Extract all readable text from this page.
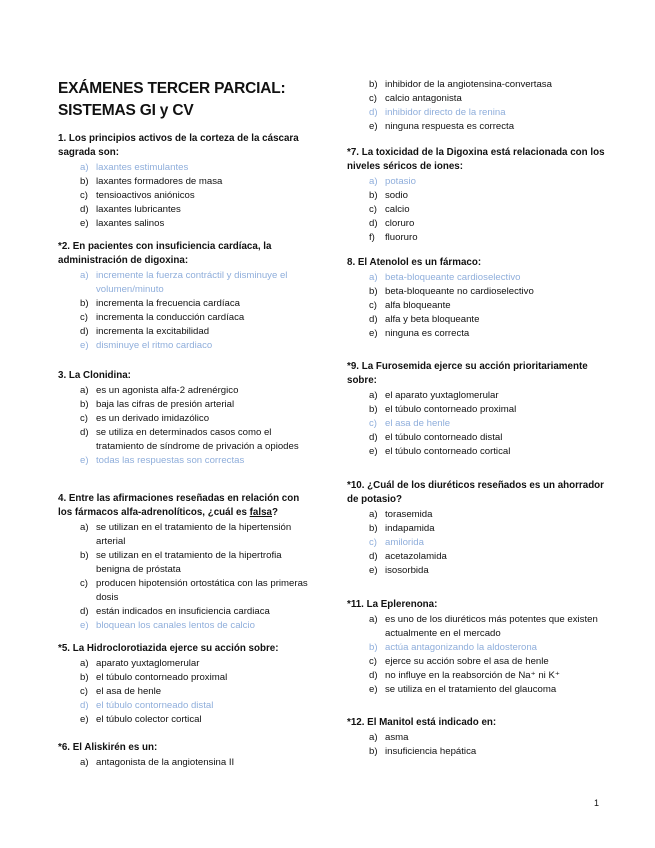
EXÁMENES TERCER PARCIAL:
SISTEMAS GI y CV

1. Los principios activos de la corteza de la cáscara sagrada son:

a) laxantes estimulantes
b) laxantes formadores de masa
c) tensioactivos aniónicos
d) laxantes lubricantes
e) laxantes salinos

*2. En pacientes con insuficiencia cardíaca, la administración de digoxina:

a) incremente la fuerza contráctil y disminuye el volumen/minuto
b) incrementa la frecuencia cardíaca
c) incrementa la conducción cardíaca
d) incrementa la excitabilidad
e) disminuye el ritmo cardiaco

3. La Clonidina:

a) es un agonista alfa-2 adrenérgico
b) baja las cifras de presión arterial
c) es un derivado imidazólico
d) se utiliza en determinados casos como el tratamiento de síndrome de privación a opiodes
e) todas las respuestas son correctas

4. Entre las afirmaciones reseñadas en relación con los fármacos alfa-adrenolíticos, ¿cuál es falsa?

a) se utilizan en el tratamiento de la hipertensión arterial
b) se utilizan en el tratamiento de la hipertrofia benigna de próstata
c) producen hipotensión ortostática con las primeras dosis
d) están indicados en insuficiencia cardiaca
e) bloquean los canales lentos de calcio

*5. La Hidroclorotiazida ejerce su acción sobre:

a) aparato yuxtaglomerular
b) el túbulo contorneado proximal
c) el asa de henle
d) el túbulo contorneado distal
e) el túbulo colector cortical

*6. El Aliskirén es un:

a) antagonista de la angiotensina II
b) inhibidor de la angiotensina-convertasa
c) calcio antagonista
d) inhibidor directo de la renina
e) ninguna respuesta es correcta

*7. La toxicidad de la Digoxina está relacionada con los niveles séricos de iones:

a) potasio
b) sodio
c) calcio
d) cloruro
f) fluoruro

8. El Atenolol es un fármaco:

a) beta-bloqueante cardioselectivo
b) beta-bloqueante no cardioselectivo
c) alfa bloqueante
d) alfa y beta bloqueante
e) ninguna es correcta

*9. La Furosemida ejerce su acción prioritariamente sobre:

a) el aparato yuxtaglomerular
b) el túbulo contorneado proximal
c) el asa de henle
d) el túbulo contorneado distal
e) el túbulo contorneado cortical

*10. ¿Cuál de los diuréticos reseñados es un ahorrador de potasio?

a) torasemida
b) indapamida
c) amilorida
d) acetazolamida
e) isosorbida

*11. La Eplerenona:

a) es uno de los diuréticos más potentes que existen actualmente en el mercado
b) actúa antagonizando la aldosterona
c) ejerce su acción sobre el asa de henle
d) no influye en la reabsorción de Na⁺ ni K⁺
e) se utiliza en el tratamiento del glaucoma

*12. El Manitol está indicado en:

a) asma
b) insuficiencia hepática
1
